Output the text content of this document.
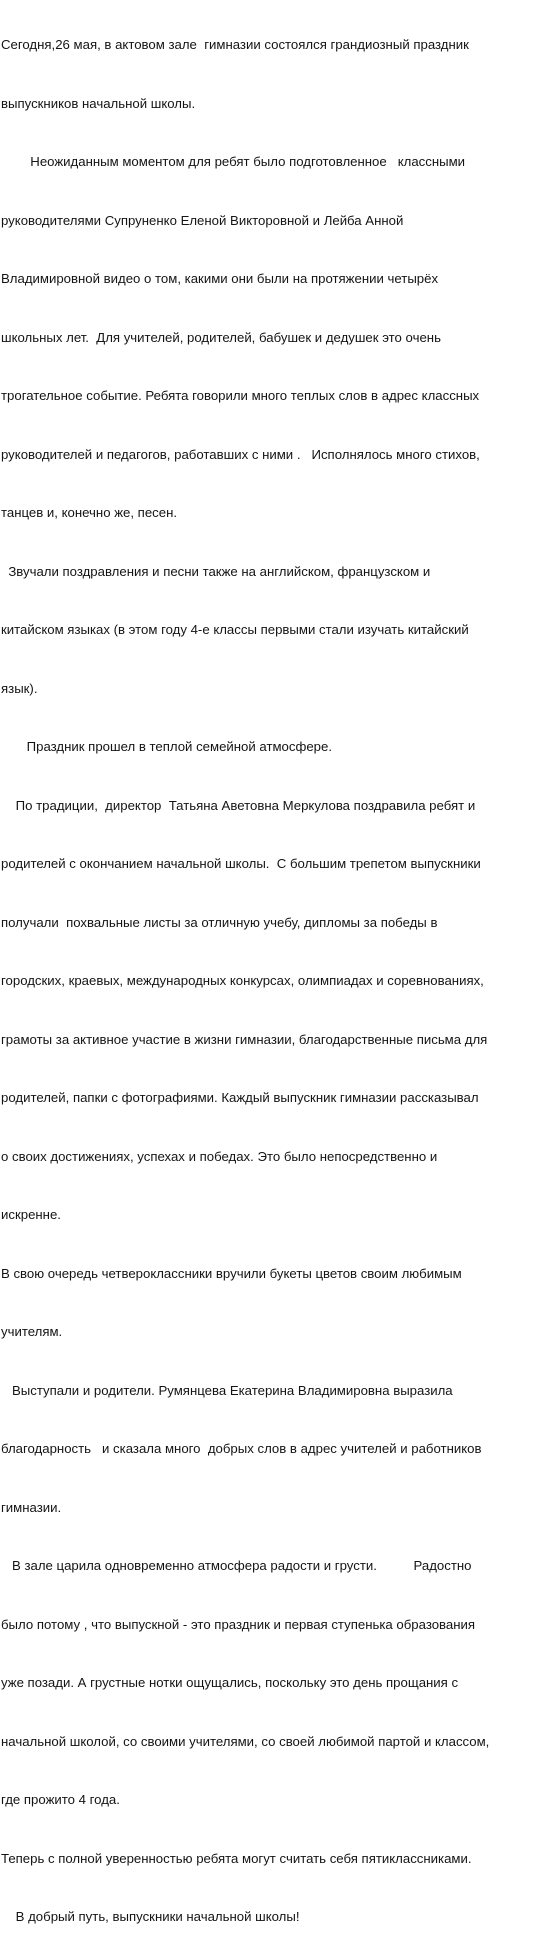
Сегодня,26 мая, в актовом зале  гимназии состоялся грандиозный праздник

выпускников начальной школы.

Неожиданным моментом для ребят было подготовленное   классными

руководителями Супруненко Еленой Викторовной и Лейба Анной

Владимировной видео о том, какими они были на протяжении четырёх

школьных лет.  Для учителей, родителей, бабушек и дедушек это очень

трогательное событие. Ребята говорили много теплых слов в адрес классных

руководителей и педагогов, работавших с ними .   Исполнялось много стихов,

танцев и, конечно же, песен.

Звучали поздравления и песни также на английском, французском и

китайском языках (в этом году 4-е классы первыми стали изучать китайский

язык).

Праздник прошел в теплой семейной атмосфере.

По традиции,  директор  Татьяна Аветовна Меркулова поздравила ребят и

родителей с окончанием начальной школы.  С большим трепетом выпускники

получали  похвальные листы за отличную учебу, дипломы за победы в

городских, краевых, международных конкурсах, олимпиадах и соревнованиях,

грамоты за активное участие в жизни гимназии, благодарственные письма для

родителей, папки с фотографиями. Каждый выпускник гимназии рассказывал

о своих достижениях, успехах и победах. Это было непосредственно и

искренне.

В свою очередь четвероклассники вручили букеты цветов своим любимым

учителям.

Выступали и родители. Румянцева Екатерина Владимировна выразила

благодарность   и сказала много  добрых слов в адрес учителей и работников

гимназии.

В зале царила одновременно атмосфера радости и грусти.          Радостно

было потому , что выпускной - это праздник и первая ступенька образования

уже позади. А грустные нотки ощущались, поскольку это день прощания с

начальной школой, со своими учителями, со своей любимой партой и классом,

где прожито 4 года.

Теперь с полной уверенностью ребята могут считать себя пятиклассниками.

В добрый путь, выпускники начальной школы!
